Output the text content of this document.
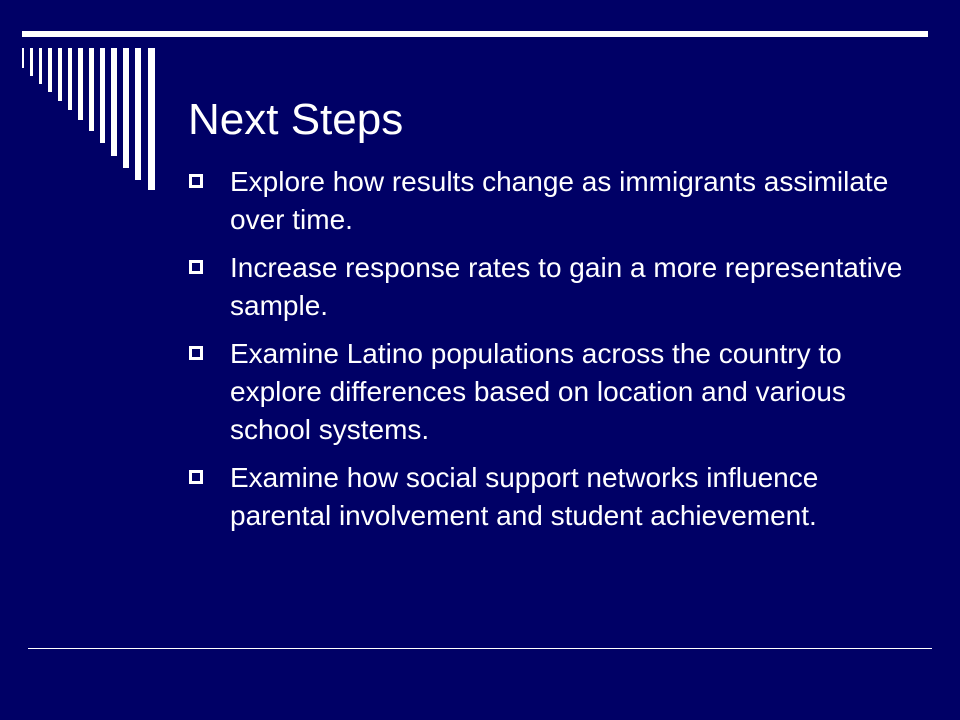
Next Steps
Explore how results change as immigrants assimilate over time.
Increase response rates to gain a more representative sample.
Examine Latino populations across the country to explore differences based on location and various school systems.
Examine how social support networks influence parental involvement and student achievement.
